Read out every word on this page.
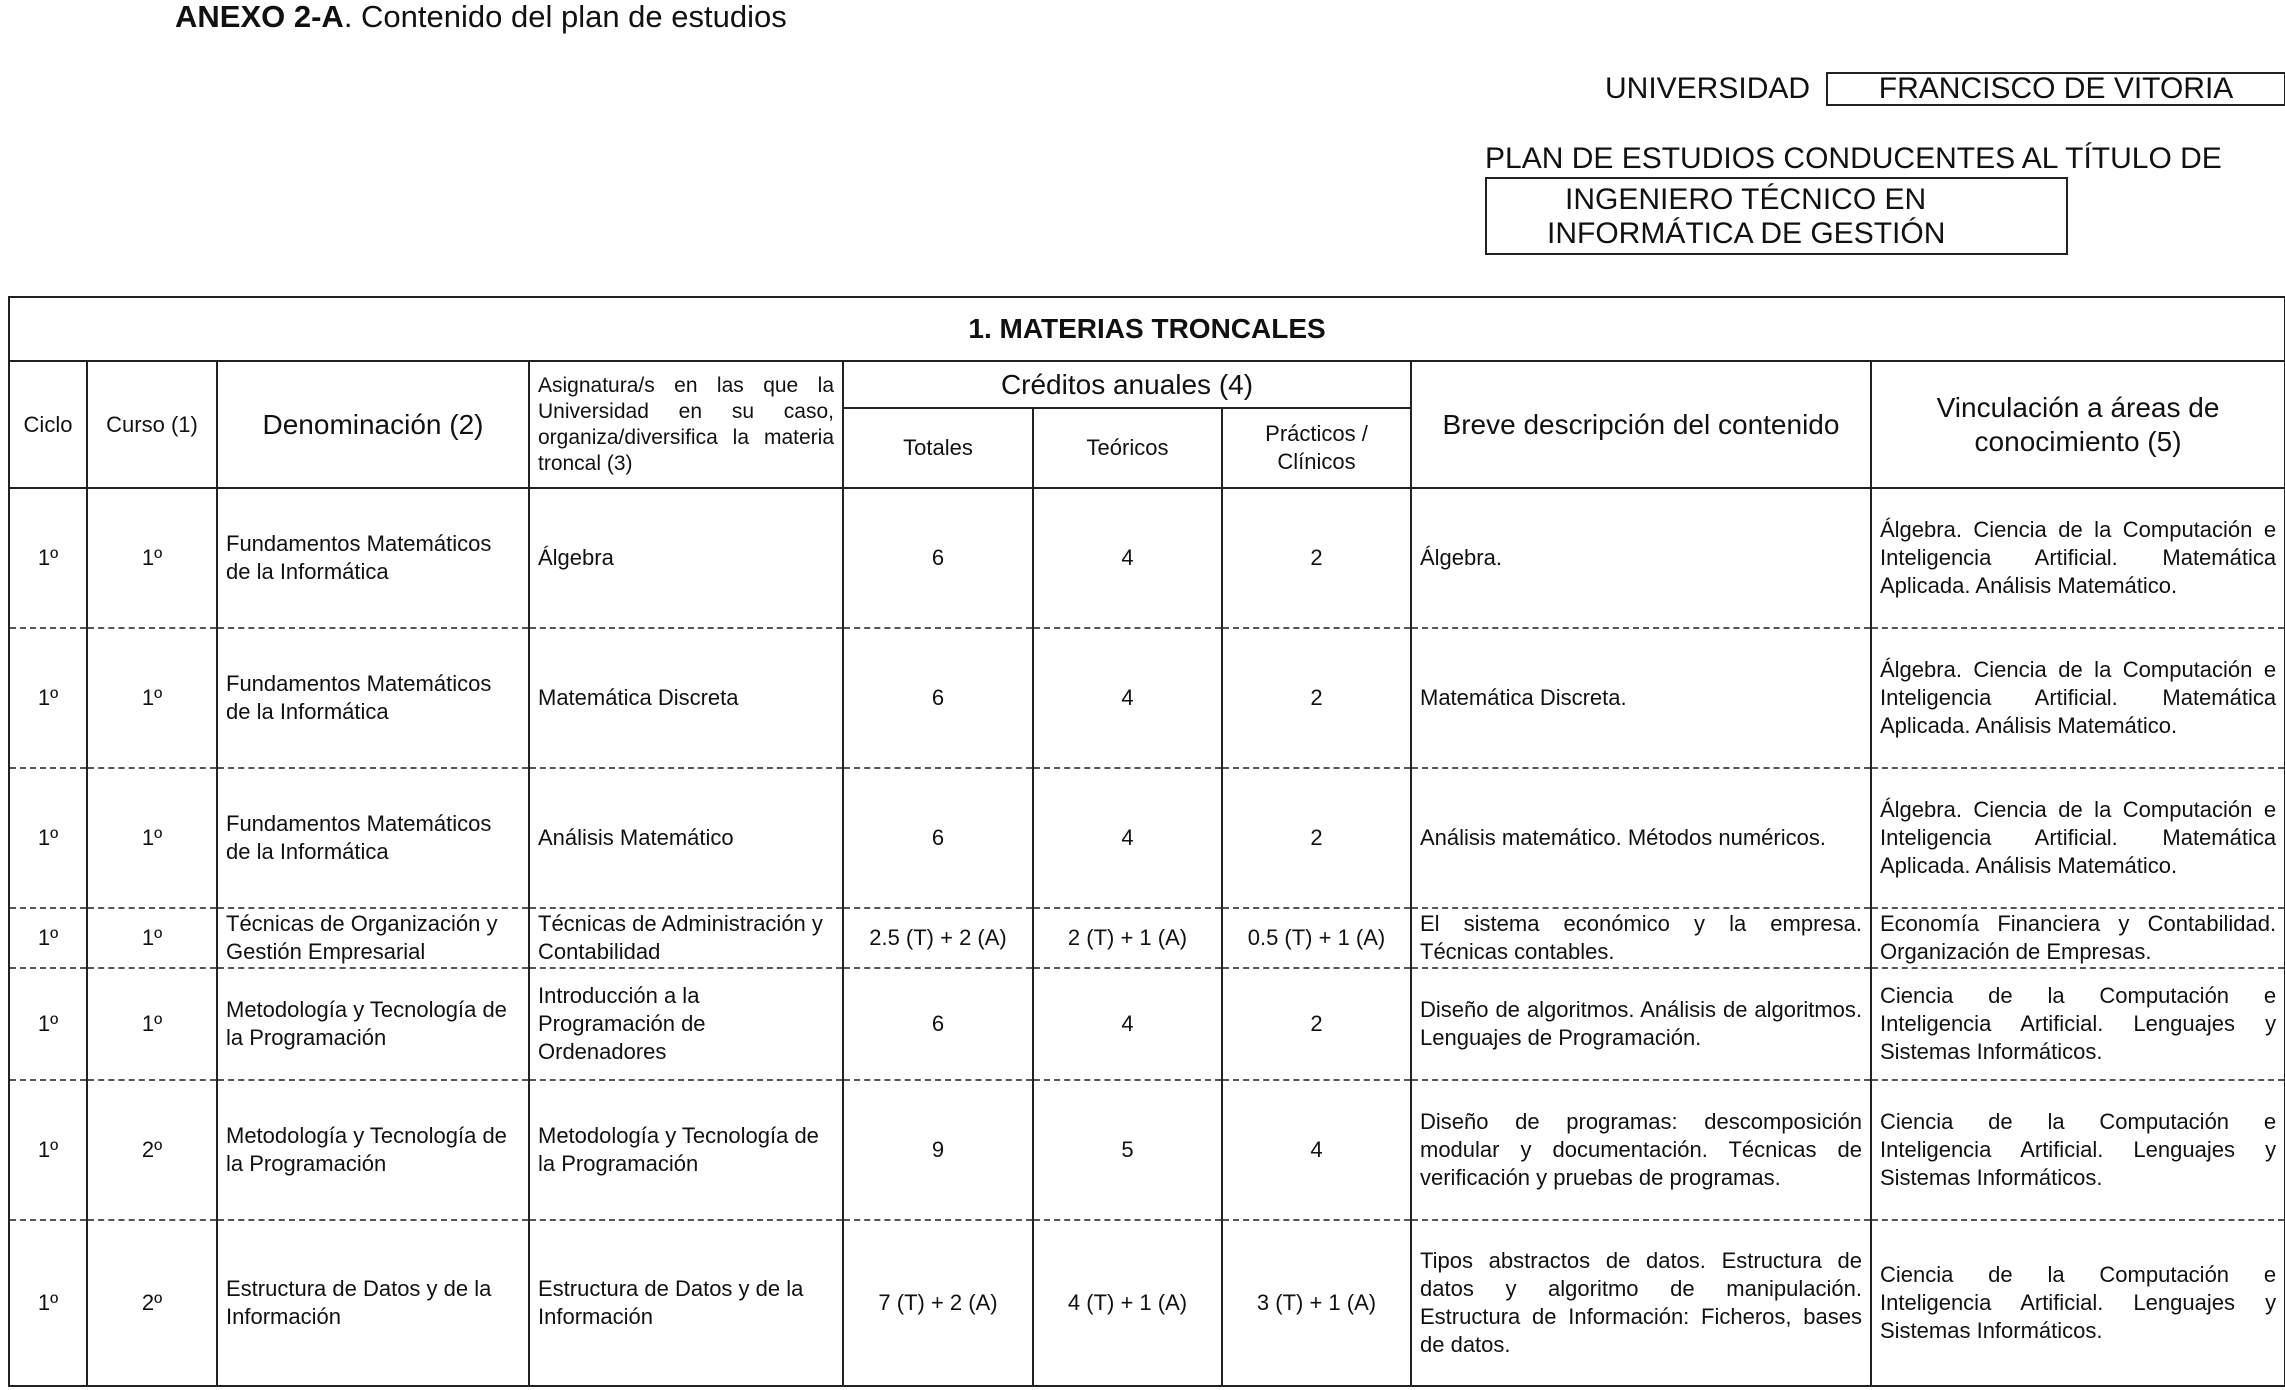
ANEXO 2-A. Contenido del plan de estudios
UNIVERSIDAD	FRANCISCO DE VITORIA
PLAN DE ESTUDIOS CONDUCENTES AL TÍTULO DE
INGENIERO TÉCNICO EN
INFORMÁTICA DE GESTIÓN
1. MATERIAS TRONCALES								
Ciclo	Curso (1)	Denominación (2)	Asignatura/s en las que la Universidad en su caso, organiza/diversifica la materia troncal (3)	Créditos anuales (4)			Breve descripción del contenido	Vinculación a áreas de conocimiento (5)
				Totales	Teóricos	Prácticos / Clínicos		
1º	1º	Fundamentos Matemáticos de la Informática	Álgebra	6	4	2	Álgebra.	Álgebra. Ciencia de la Computación e Inteligencia Artificial. Matemática Aplicada. Análisis Matemático.
1º	1º	Fundamentos Matemáticos de la Informática	Matemática Discreta	6	4	2	Matemática Discreta.	Álgebra. Ciencia de la Computación e Inteligencia Artificial. Matemática Aplicada. Análisis Matemático.
1º	1º	Fundamentos Matemáticos de la Informática	Análisis Matemático	6	4	2	Análisis matemático. Métodos numéricos.	Álgebra. Ciencia de la Computación e Inteligencia Artificial. Matemática Aplicada. Análisis Matemático.
1º	1º	Técnicas de Organización y Gestión Empresarial	Técnicas de Administración y Contabilidad	2.5 (T) + 2 (A)	2 (T) + 1 (A)	0.5 (T) + 1 (A)	El sistema económico y la empresa. Técnicas contables.	Economía Financiera y Contabilidad. Organización de Empresas.
1º	1º	Metodología y Tecnología de la Programación	Introducción a la Programación de Ordenadores	6	4	2	Diseño de algoritmos. Análisis de algoritmos. Lenguajes de Programación.	Ciencia de la Computación e Inteligencia Artificial. Lenguajes y Sistemas Informáticos.
1º	2º	Metodología y Tecnología de la Programación	Metodología y Tecnología de la Programación	9	5	4	Diseño de programas: descomposición modular y documentación. Técnicas de verificación y pruebas de programas.	Ciencia de la Computación e Inteligencia Artificial. Lenguajes y Sistemas Informáticos.
1º	2º	Estructura de Datos y de la Información	Estructura de Datos y de la Información	7 (T) + 2 (A)	4 (T) + 1 (A)	3 (T) + 1 (A)	Tipos abstractos de datos. Estructura de datos y algoritmo de manipulación. Estructura de Información: Ficheros, bases de datos.	Ciencia de la Computación e Inteligencia Artificial. Lenguajes y Sistemas Informáticos.
